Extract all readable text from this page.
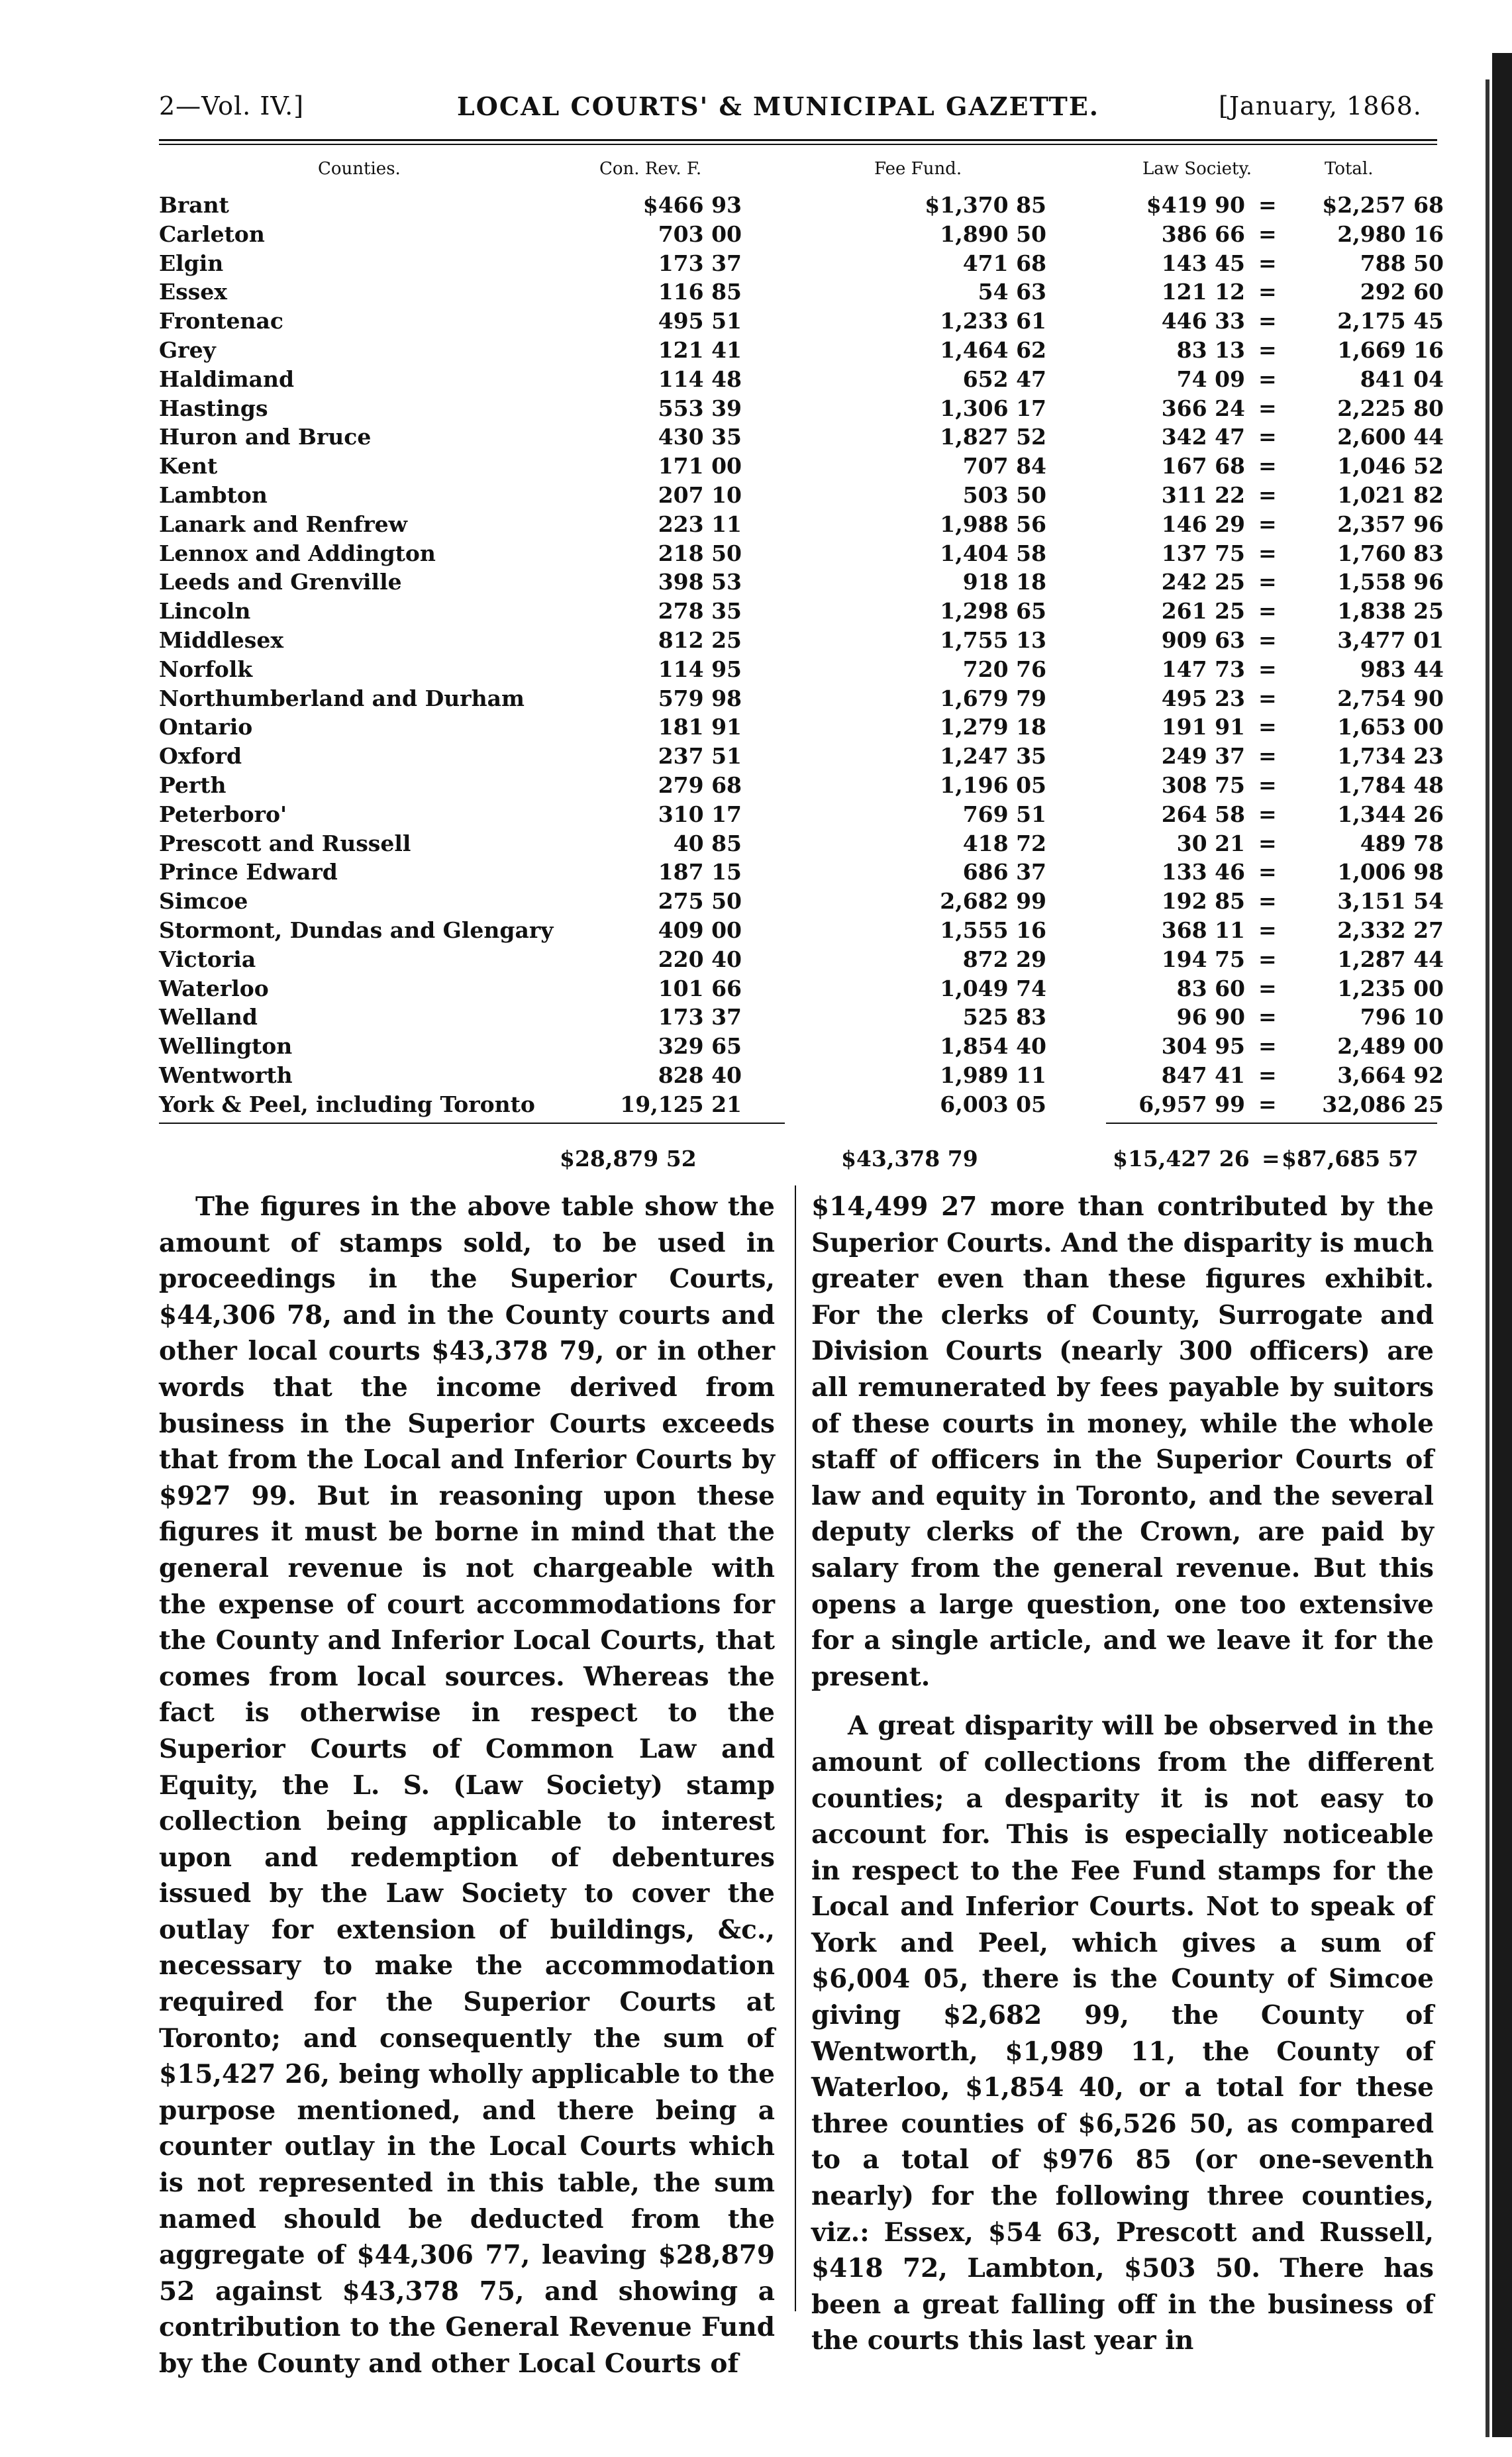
2—Vol. IV.]	LOCAL COURTS' & MUNICIPAL GAZETTE.	[January, 1868.
Counties.	Con. Rev. F.	Fee Fund.	Law Society.	Total.
Brant	$466 93	$1,370 85	$419 90	$2,257 68
=
Carleton	703 00	1,890 50	386 66	2,980 16
=
Elgin	173 37	471 68	143 45	788 50
=
Essex	116 85	54 63	121 12	292 60
=
Frontenac	495 51	1,233 61	446 33	2,175 45
=
Grey	121 41	1,464 62	83 13	1,669 16
=
Haldimand	114 48	652 47	74 09	841 04
=
Hastings	553 39	1,306 17	366 24	2,225 80
=
Huron and Bruce	430 35	1,827 52	342 47	2,600 44
=
Kent	171 00	707 84	167 68	1,046 52
=
Lambton	207 10	503 50	311 22	1,021 82
=
Lanark and Renfrew	223 11	1,988 56	146 29	2,357 96
=
Lennox and Addington	218 50	1,404 58	137 75	1,760 83
=
Leeds and Grenville	398 53	918 18	242 25	1,558 96
=
Lincoln	278 35	1,298 65	261 25	1,838 25
=
Middlesex	812 25	1,755 13	909 63	3,477 01
=
Norfolk	114 95	720 76	147 73	983 44
=
Northumberland and Durham	579 98	1,679 79	495 23	2,754 90
=
Ontario	181 91	1,279 18	191 91	1,653 00
=
Oxford	237 51	1,247 35	249 37	1,734 23
=
Perth	279 68	1,196 05	308 75	1,784 48
=
Peterboro'	310 17	769 51	264 58	1,344 26
=
Prescott and Russell	40 85	418 72	30 21	489 78
=
Prince Edward	187 15	686 37	133 46	1,006 98
=
Simcoe	275 50	2,682 99	192 85	3,151 54
=
Stormont, Dundas and Glengary	409 00	1,555 16	368 11	2,332 27
=
Victoria	220 40	872 29	194 75	1,287 44
=
Waterloo	101 66	1,049 74	83 60	1,235 00
=
Welland	173 37	525 83	96 90	796 10
=
Wellington	329 65	1,854 40	304 95	2,489 00
=
Wentworth	828 40	1,989 11	847 41	3,664 92
=
York & Peel, including Toronto	19,125 21	6,003 05	6,957 99	32,086 25
=
$28,879 52	$43,378 79	$15,427 26 = $87,685 57

The figures in the above table show the amount of stamps sold, to be used in proceedings in the Superior Courts, $44,306 78, and in the County courts and other local courts $43,378 79, or in other words that the income derived from business in the Superior Courts exceeds that from the Local and Inferior Courts by $927 99. But in reasoning upon these figures it must be borne in mind that the general revenue is not chargeable with the expense of court accommodations for the County and Inferior Local Courts, that comes from local sources. Whereas the fact is otherwise in respect to the Superior Courts of Common Law and Equity, the L. S. (Law Society) stamp collection being applicable to interest upon and redemption of debentures issued by the Law Society to cover the outlay for extension of buildings, &c., necessary to make the accommodation required for the Superior Courts at Toronto; and consequently the sum of $15,427 26, being wholly applicable to the purpose mentioned, and there being a counter outlay in the Local Courts which is not represented in this table, the sum named should be deducted from the aggregate of $44,306 77, leaving $28,879 52 against $43,378 75, and showing a contribution to the General Revenue Fund by the County and other Local Courts of

$14,499 27 more than contributed by the Superior Courts. And the disparity is much greater even than these figures exhibit. For the clerks of County, Surrogate and Division Courts (nearly 300 officers) are all remunerated by fees payable by suitors of these courts in money, while the whole staff of officers in the Superior Courts of law and equity in Toronto, and the several deputy clerks of the Crown, are paid by salary from the general revenue. But this opens a large question, one too extensive for a single article, and we leave it for the present.

A great disparity will be observed in the amount of collections from the different counties; a desparity it is not easy to account for. This is especially noticeable in respect to the Fee Fund stamps for the Local and Inferior Courts. Not to speak of York and Peel, which gives a sum of $6,004 05, there is the County of Simcoe giving $2,682 99, the County of Wentworth, $1,989 11, the County of Waterloo, $1,854 40, or a total for these three counties of $6,526 50, as compared to a total of $976 85 (or one-seventh nearly) for the following three counties, viz.: Essex, $54 63, Prescott and Russell, $418 72, Lambton, $503 50. There has been a great falling off in the business of the courts this last year in
